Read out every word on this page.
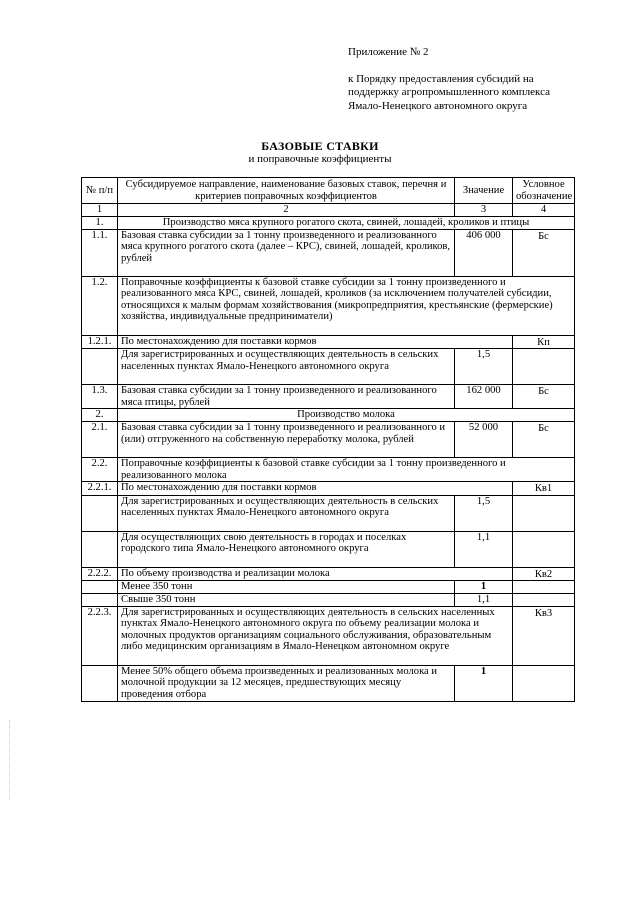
Приложение № 2
к Порядку предоставления субсидий на
поддержку агропромышленного комплекса
Ямало-Ненецкого автономного округа
БАЗОВЫЕ СТАВКИ
и поправочные коэффициенты
№ п/п	Субсидируемое направление, наименование базовых ставок, перечня и критериев поправочных коэффициентов	Значение	Условное обозначение
1	2	3	4
1.	Производство мяса крупного рогатого скота, свиней, лошадей, кроликов и птицы		
1.1.	Базовая ставка субсидии за 1 тонну произведенного и реализованного мяса крупного рогатого скота (далее – КРС), свиней, лошадей, кроликов, рублей	406 000	Бс
1.2.	Поправочные коэффициенты к базовой ставке субсидии за 1 тонну произведенного и реализованного мяса КРС, свиней, лошадей, кроликов (за исключением получателей субсидии, относящихся к малым формам хозяйствования (микропредприятия, крестьянские (фермерские) хозяйства, индивидуальные предприниматели)		
1.2.1.	По местонахождению для поставки кормов		Кп
	Для зарегистрированных и осуществляющих деятельность в сельских населенных пунктах Ямало-Ненецкого автономного округа	1,5	
1.3.	Базовая ставка субсидии за 1 тонну произведенного и реализованного мяса птицы, рублей	162 000	Бс
2.	Производство молока		
2.1.	Базовая ставка субсидии за 1 тонну произведенного и реализованного и (или) отгруженного на собственную переработку молока, рублей	52 000	Бс
2.2.	Поправочные коэффициенты к базовой ставке субсидии за 1 тонну произведенного и реализованного молока		
2.2.1.	По местонахождению для поставки кормов		Кв1
	Для зарегистрированных и осуществляющих деятельность в сельских населенных пунктах Ямало-Ненецкого автономного округа	1,5	
	Для осуществляющих свою деятельность в городах и поселках городского типа Ямало-Ненецкого автономного округа	1,1	
2.2.2.	По объему производства и реализации молока		Кв2
	Менее 350 тонн	1	
	Свыше 350 тонн	1,1	
2.2.3.	Для зарегистрированных и осуществляющих деятельность в сельских населенных пунктах Ямало-Ненецкого автономного округа по объему реализации молока и молочных продуктов организациям социального обслуживания, образовательным либо медицинским организациям в Ямало-Ненецком автономном округе		Кв3
	Менее 50% общего объема произведенных и реализованных молока и молочной продукции за 12 месяцев, предшествующих месяцу проведения отбора	1	
